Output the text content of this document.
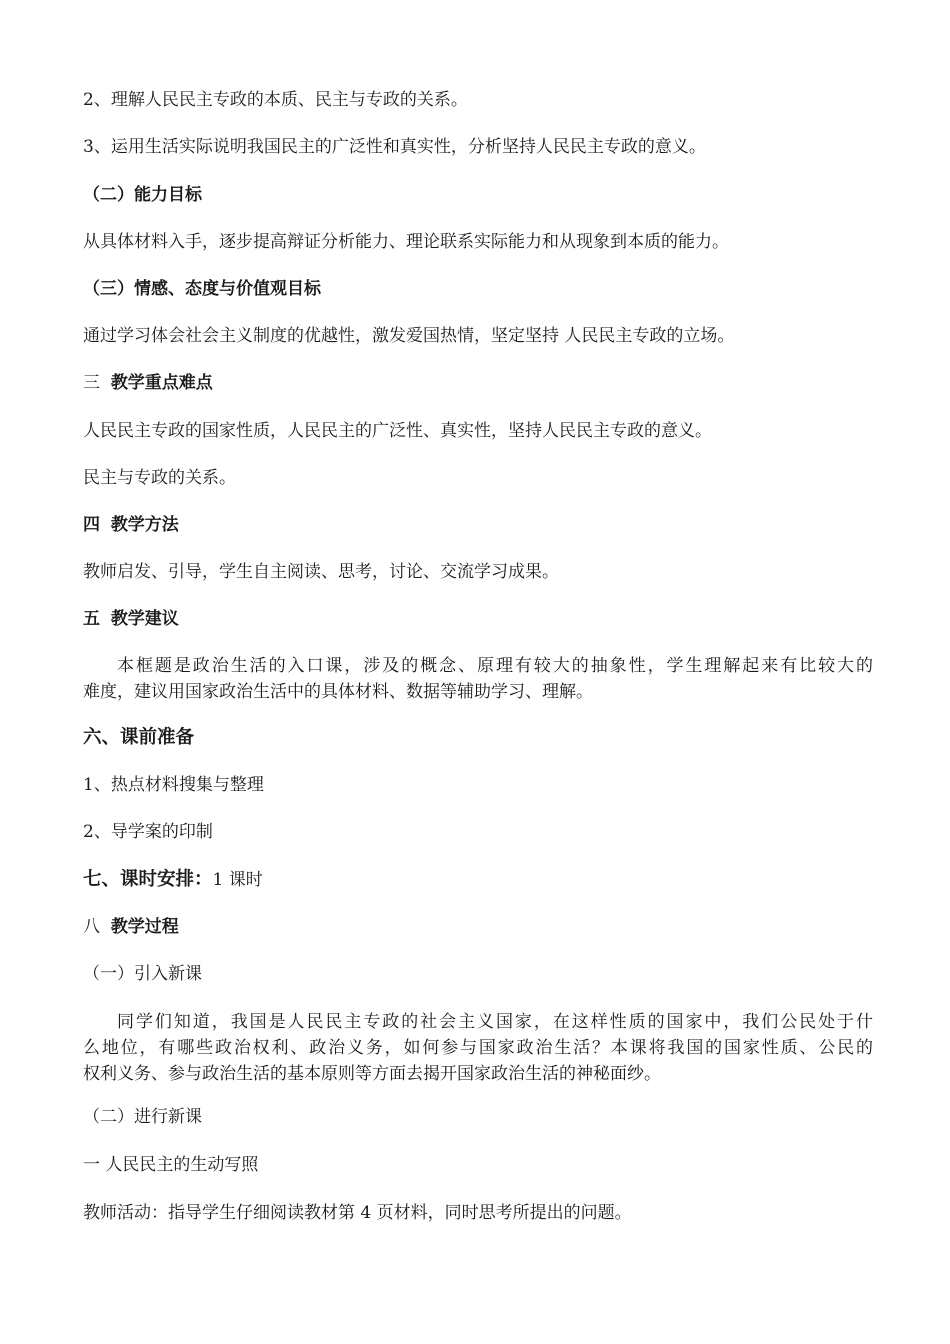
2、理解人民民主专政的本质、民主与专政的关系。
3、运用生活实际说明我国民主的广泛性和真实性，分析坚持人民民主专政的意义。
（二）能力目标
从具体材料入手，逐步提高辩证分析能力、理论联系实际能力和从现象到本质的能力。
（三）情感、态度与价值观目标
通过学习体会社会主义制度的优越性，激发爱国热情，坚定坚持 人民民主专政的立场。
三 教学重点难点
人民民主专政的国家性质，人民民主的广泛性、真实性，坚持人民民主专政的意义。
民主与专政的关系。
四 教学方法
教师启发、引导，学生自主阅读、思考，讨论、交流学习成果。
五 教学建议
本框题是政治生活的入口课，涉及的概念、原理有较大的抽象性，学生理解起来有比较大的
难度，建议用国家政治生活中的具体材料、数据等辅助学习、理解。
六、课前准备
1、热点材料搜集与整理
2、导学案的印制
七、课时安排：1 课时
八 教学过程
（一）引入新课
同学们知道，我国是人民民主专政的社会主义国家，在这样性质的国家中，我们公民处于什
么地位，有哪些政治权利、政治义务，如何参与国家政治生活？本课将我国的国家性质、公民的
权利义务、参与政治生活的基本原则等方面去揭开国家政治生活的神秘面纱。
（二）进行新课
一 人民民主的生动写照
教师活动：指导学生仔细阅读教材第 4 页材料，同时思考所提出的问题。
